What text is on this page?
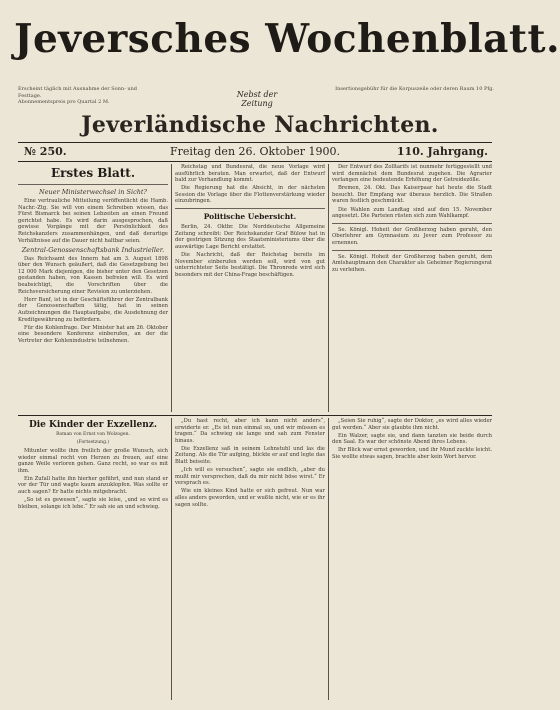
Jeversches Wochenblatt.
Erscheint täglich mit Ausnahme der Sonn- und Festtage.
Abonnementspreis pro Quartal 2 M.
Nebst der Zeitung
Insertionsgebühr für die Korpuszeile oder deren Raum 10 Pfg.
Jeverländische Nachrichten.
№ 250.	Freitag den 26. Oktober 1900.	110. Jahrgang.
Erstes Blatt.
Neuer Ministerwechsel in Sicht?

Eine vertrauliche Mitteilung veröffentlicht die Hamb. Nachr.-Ztg. Sie will von einem Schreiben wissen, das Fürst Bismarck bei seinen Lebzeiten an einen Freund gerichtet habe. Es wird darin ausgesprochen, daß gewisse Vorgänge mit der Persönlichkeit des Reichskanzlers zusammenhängen, und daß derartige Verhältnisse auf die Dauer nicht haltbar seien.

Zentral-Genossenschaftsbank Industrieller.

Das Reichsamt des Innern hat am 3. August 1898 über den Wunsch geäußert, daß die Gesetzgebung bei 12 000 Mark diejenigen, die bisher unter den Gesetzen gestanden haben, von Kassen befreien will. Es wird beabsichtigt, die Vorschriften über die Reichsversicherung einer Revision zu unterziehen.

Herr Banf, ist in der Geschäftsführer der Zentralbank der Genossenschaften tätig, hat in seinen Aufzeichnungen die Hauptaufgabe, die Ausdehnung der Kreditgewährung zu befördern.

Für die Kohlenfrage. Der Minister hat am 26. Oktober eine besondere Konferenz einberufen, an der die Vertreter der Kohlenindustrie teilnehmen.

Reichstag und Bundesrat, die neue Vorlage wird ausführlich beraten. Man erwartet, daß der Entwurf bald zur Verhandlung kommt.

Die Regierung hat die Absicht, in der nächsten Session die Vorlage über die Flottenverstärkung wieder einzubringen.

Politische Uebersicht.

Berlin, 24. Oktbr. Die Norddeutsche Allgemeine Zeitung schreibt: Der Reichskanzler Graf Bülow hat in der gestrigen Sitzung des Staatsministeriums über die auswärtige Lage Bericht erstattet.

Die Nachricht, daß der Reichstag bereits im November einberufen werden soll, wird von gut unterrichteter Seite bestätigt. Die Thronrede wird sich besonders mit der China-Frage beschäftigen.

Der Entwurf des Zolltarifs ist nunmehr fertiggestellt und wird demnächst dem Bundesrat zugehen. Die Agrarier verlangen eine bedeutende Erhöhung der Getreidezölle.

Bremen, 24. Okt. Das Kaiserpaar hat heute die Stadt besucht. Der Empfang war überaus herzlich. Die Straßen waren festlich geschmückt.

Die Wahlen zum Landtag sind auf den 15. November angesetzt. Die Parteien rüsten sich zum Wahlkampf.

Se. Königl. Hoheit der Großherzog haben geruht, den Oberlehrer am Gymnasium zu Jever zum Professor zu ernennen.

Se. Königl. Hoheit der Großherzog haben geruht, dem Amtshauptmann den Charakter als Geheimer Regierungsrat zu verleihen.

Die Kinder der Exzellenz.
Roman von Ernst von Wolzogen.
(Fortsetzung.)

Mitunter wollte ihm freilich der große Wunsch, sich wieder einmal recht von Herzen zu freuen, auf eine ganze Weile verloren gehen. Ganz recht, so war es mit ihm.

Ein Zufall hatte ihn hierher geführt, und nun stand er vor der Tür und wagte kaum anzuklopfen. Was sollte er auch sagen? Er hatte nichts mitgebracht.

„So ist es gewesen“, sagte sie leise, „und so wird es bleiben, solange ich lebe.“ Er sah sie an und schwieg.

„Du hast recht, aber ich kann nicht anders“, erwiderte er. „Es ist nun einmal so, und wir müssen es tragen.“ Da schwieg sie lange und sah zum Fenster hinaus.

Die Exzellenz saß in seinem Lehnstuhl und las die Zeitung. Als die Tür aufging, blickte er auf und legte das Blatt beiseite.

„Ich will es versuchen“, sagte sie endlich, „aber du mußt mir versprechen, daß du mir nicht böse wirst.“ Er versprach es.

Wie ein kleines Kind hatte er sich gefreut. Nun war alles anders geworden, und er wußte nicht, wie er es ihr sagen sollte.

„Seien Sie ruhig“, sagte der Doktor, „es wird alles wieder gut werden.“ Aber sie glaubte ihm nicht.

Ein Walzer, sagte sie, und dann tanzten sie beide durch den Saal. Es war der schönste Abend ihres Lebens.

Ihr Blick war ernst geworden, und ihr Mund zuckte leicht. Sie wollte etwas sagen, brachte aber kein Wort hervor.
